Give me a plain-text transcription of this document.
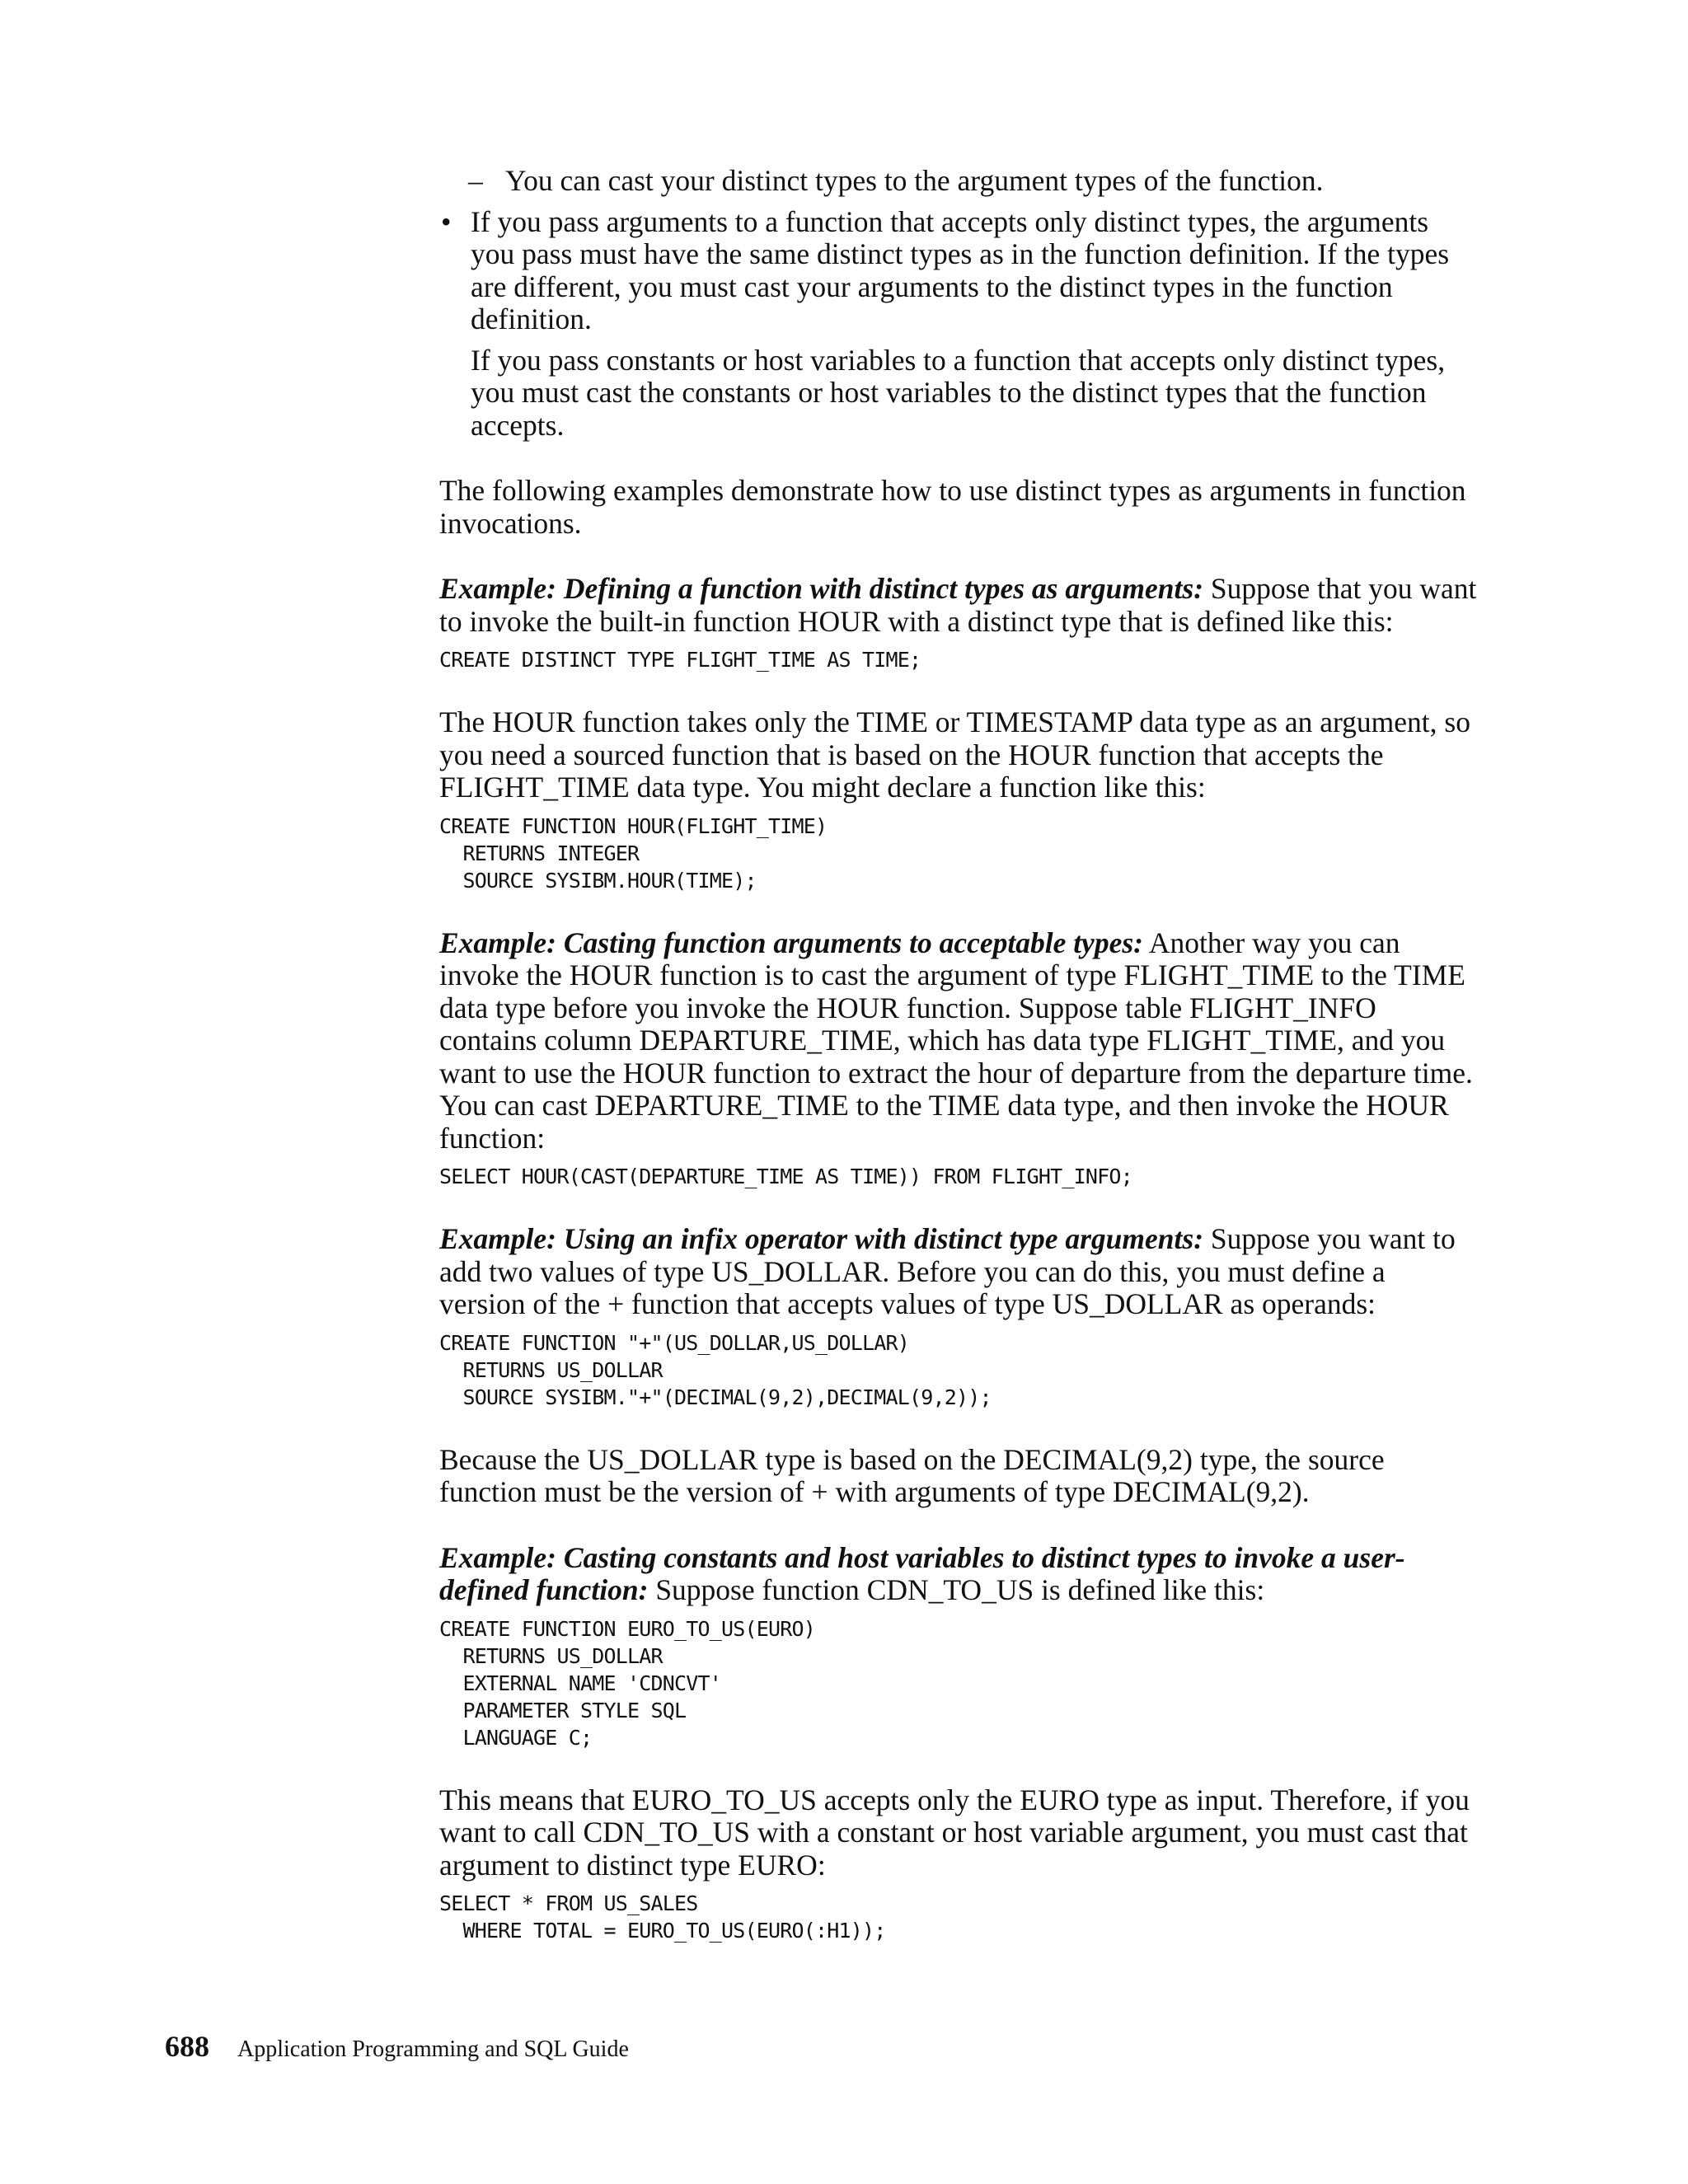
– You can cast your distinct types to the argument types of the function.
• If you pass arguments to a function that accepts only distinct types, the arguments you pass must have the same distinct types as in the function definition. If the types are different, you must cast your arguments to the distinct types in the function definition.

If you pass constants or host variables to a function that accepts only distinct types, you must cast the constants or host variables to the distinct types that the function accepts.

The following examples demonstrate how to use distinct types as arguments in function invocations.

Example: Defining a function with distinct types as arguments: Suppose that you want to invoke the built-in function HOUR with a distinct type that is defined like this:

CREATE DISTINCT TYPE FLIGHT_TIME AS TIME;

The HOUR function takes only the TIME or TIMESTAMP data type as an argument, so you need a sourced function that is based on the HOUR function that accepts the FLIGHT_TIME data type. You might declare a function like this:

CREATE FUNCTION HOUR(FLIGHT_TIME)
RETURNS INTEGER
SOURCE SYSIBM.HOUR(TIME);

Example: Casting function arguments to acceptable types: Another way you can invoke the HOUR function is to cast the argument of type FLIGHT_TIME to the TIME data type before you invoke the HOUR function. Suppose table FLIGHT_INFO contains column DEPARTURE_TIME, which has data type FLIGHT_TIME, and you want to use the HOUR function to extract the hour of departure from the departure time. You can cast DEPARTURE_TIME to the TIME data type, and then invoke the HOUR function:

SELECT HOUR(CAST(DEPARTURE_TIME AS TIME)) FROM FLIGHT_INFO;

Example: Using an infix operator with distinct type arguments: Suppose you want to add two values of type US_DOLLAR. Before you can do this, you must define a version of the + function that accepts values of type US_DOLLAR as operands:

CREATE FUNCTION "+"(US_DOLLAR,US_DOLLAR)
RETURNS US_DOLLAR
SOURCE SYSIBM."+"(DECIMAL(9,2),DECIMAL(9,2));

Because the US_DOLLAR type is based on the DECIMAL(9,2) type, the source function must be the version of + with arguments of type DECIMAL(9,2).

Example: Casting constants and host variables to distinct types to invoke a user-defined function: Suppose function CDN_TO_US is defined like this:

CREATE FUNCTION EURO_TO_US(EURO)
RETURNS US_DOLLAR
EXTERNAL NAME 'CDNCVT'
PARAMETER STYLE SQL
LANGUAGE C;

This means that EURO_TO_US accepts only the EURO type as input. Therefore, if you want to call CDN_TO_US with a constant or host variable argument, you must cast that argument to distinct type EURO:

SELECT * FROM US_SALES
WHERE TOTAL = EURO_TO_US(EURO(:H1));
688 Application Programming and SQL Guide
